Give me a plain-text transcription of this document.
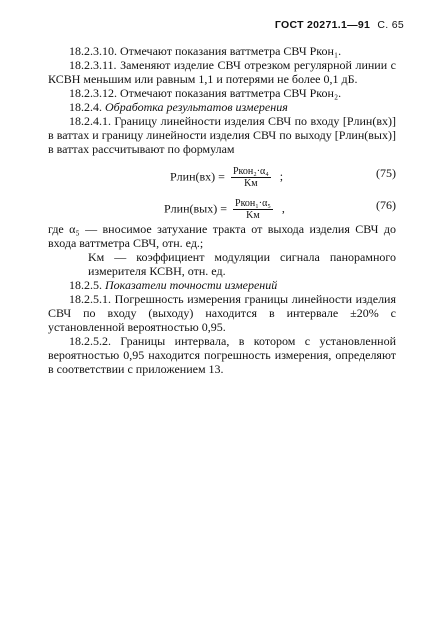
ГОСТ 20271.1—91 С. 65

18.2.3.10. Отмечают показания ваттметра СВЧ Pкон₁.

18.2.3.11. Заменяют изделие СВЧ отрезком регулярной линии с КСВН меньшим или равным 1,1 и потерями не более 0,1 дБ.

18.2.3.12. Отмечают показания ваттметра СВЧ Pкон₂.

18.2.4. Обработка результатов измерения

18.2.4.1. Границу линейности изделия СВЧ по входу [Pлин(вх)] в ваттах и границу линейности изделия СВЧ по выходу [Pлин(вых)] в ваттах рассчитывают по формулам

Pлин(вх) = $\frac{\text{Pкон₂·α₄}}{Kм}$ ;	(75)
Pлин(вых) = $\frac{\text{Pкон₁·α₅}}{Kм}$ ,	(76)

где α₅ — вносимое затухание тракта от выхода изделия СВЧ до входа ваттметра СВЧ, отн. ед.;

Kм — коэффициент модуляции сигнала панорамного измерителя КСВН, отн. ед.

18.2.5. Показатели точности измерений

18.2.5.1. Погрешность измерения границы линейности изделия СВЧ по входу (выходу) находится в интервале ±20% с установленной вероятностью 0,95.

18.2.5.2. Границы интервала, в котором с установленной вероятностью 0,95 находится погрешность измерения, определяют в соответствии с приложением 13.
